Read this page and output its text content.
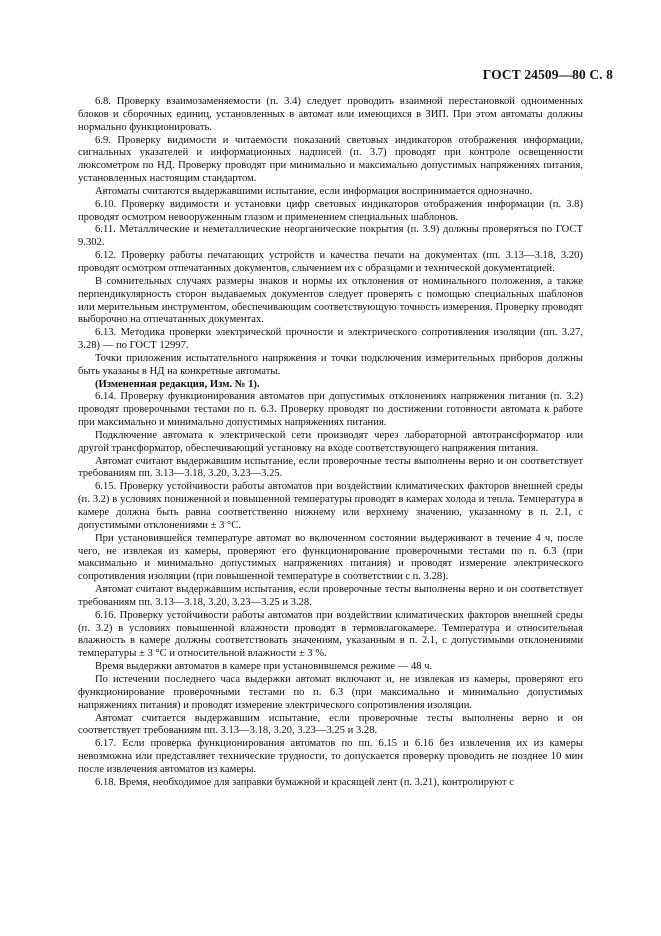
ГОСТ 24509—80 С. 8

6.8. Проверку взаимозаменяемости (п. 3.4) следует проводить взаимной перестановкой одноименных блоков и сборочных единиц, установленных в автомат или имеющихся в ЗИП. При этом автоматы должны нормально функционировать.

6.9. Проверку видимости и читаемости показаний световых индикаторов отображения информации, сигнальных указателей и информационных надписей (п. 3.7) проводят при контроле освещенности люксометром по НД. Проверку проводят при минимально и максимально допустимых напряжениях питания, установленных настоящим стандартом.

Автоматы считаются выдержавшими испытание, если информация воспринимается однозначно.

6.10. Проверку видимости и установки цифр световых индикаторов отображения информации (п. 3.8) проводят осмотром невооруженным глазом и применением специальных шаблонов.

6.11. Металлические и неметаллические неорганические покрытия (п. 3.9) должны проверяться по ГОСТ 9.302.

6.12. Проверку работы печатающих устройств и качества печати на документах (пп. 3.13—3.18, 3.20) проводят осмотром отпечатанных документов, слычением их с образцами и технической документацией.

В сомнительных случаях размеры знаков и нормы их отклонения от номинального положения, а также перпендикулярность сторон выдаваемых документов следует проверять с помощью специальных шаблонов или мерительным инструментом, обеспечивающим соответствующую точность измерения. Проверку проводят выборочно на отпечатанных документах.

6.13. Методика проверки электрической прочности и электрического сопротивления изоляции (пп. 3.27, 3.28) — по ГОСТ 12997.

Точки приложения испытательного напряжения и точки подключения измерительных приборов должны быть указаны в НД на конкретные автоматы.

(Измененная редакция, Изм. № 1).

6.14. Проверку функционирования автоматов при допустимых отклонениях напряжения питания (п. 3.2) проводят проверочными тестами по п. 6.3. Проверку проводят по достижении готовности автомата к работе при максимально и минимально допустимых напряжениях питания.

Подключение автомата к электрической сети производят через лабораторной автотрансформатор или другой трансформатор, обеспечивающий установку на входе соответствующего напряжения питания.

Автомат считают выдержавшим испытание, если проверочные тесты выполнены верно и он соответствует требованиям пп. 3.13—3.18, 3.20, 3.23—3.25.

6.15. Проверку устойчивости работы автоматов при воздействии климатических факторов внешней среды (п. 3.2) в условиях пониженной и повышенной температуры проводят в камерах холода и тепла. Температура в камере должна быть равна соответственно нижнему или верхнему значению, указанному в п. 2.1, с допустимыми отклонениями ± 3 °С.

При установившейся температуре автомат во включенном состоянии выдерживают в течение 4 ч, после чего, не извлекая из камеры, проверяют его функционирование проверочными тестами по п. 6.3 (при максимально и минимально допустимых напряжениях питания) и проводят измерение электрического сопротивления изоляции (при повышенной температуре в соответствии с п. 3.28).

Автомат считают выдержавшим испытания, если проверочные тесты выполнены верно и он соответствует требованиям пп. 3.13—3.18, 3.20, 3.23—3.25 и 3.28.

6.16. Проверку устойчивости работы автоматов при воздействии климатических факторов внешней среды (п. 3.2) в условиях повышенной влажности проводят в термовлагокамере. Температура и относительная влажность в камере должны соответствовать значениям, указанным в п. 2.1, с допустимыми отклонениями температуры ± 3 °С и относительной влажности ± 3 %.

Время выдержки автоматов в камере при установившемся режиме — 48 ч.

По истечении последнего часа выдержки автомат включают и, не извлекая из камеры, проверяют его функционирование проверочными тестами по п. 6.3 (при максимально и минимально допустимых напряжениях питания) и проводят измерение электрического сопротивления изоляции.

Автомат считается выдержавшим испытание, если проверочные тесты выполнены верно и он соответствует требованиям пп. 3.13—3.18, 3.20, 3.23—3.25 и 3.28.

6.17. Если проверка функционирования автоматов по пп. 6.15 и 6.16 без извлечения их из камеры невозможна или представляет технические трудности, то допускается проверку проводить не позднее 10 мин после извлечения автоматов из камеры.

6.18. Время, необходимое для заправки бумажной и красящей лент (п. 3.21), контролируют с
